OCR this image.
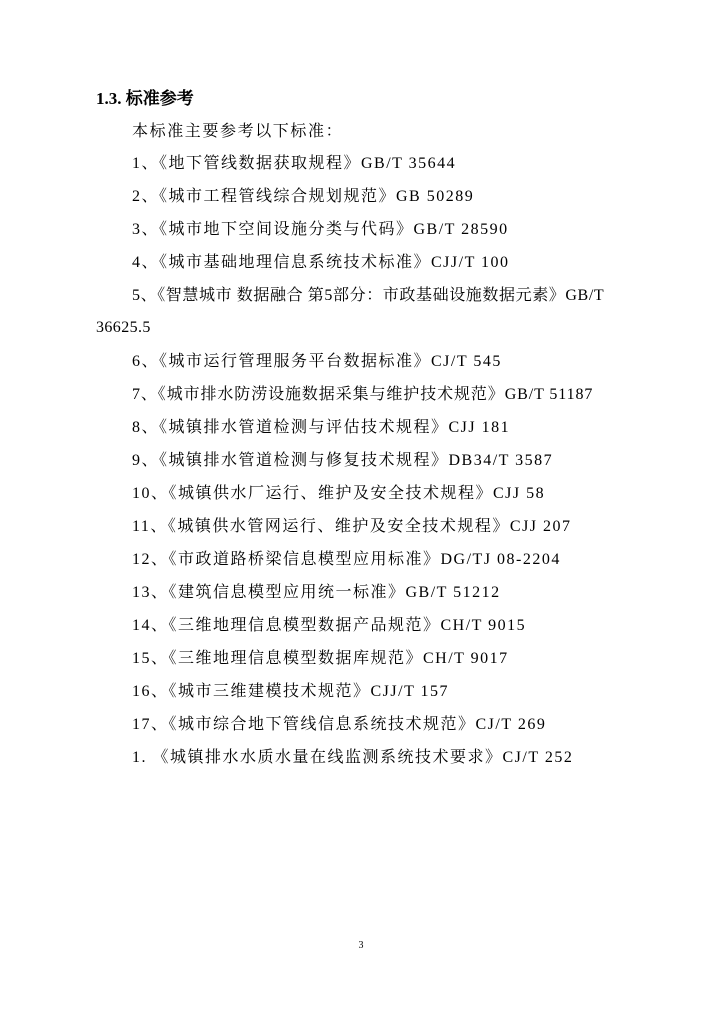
1.3. 标准参考
本标准主要参考以下标准：
1、《地下管线数据获取规程》GB/T 35644
2、《城市工程管线综合规划规范》GB 50289
3、《城市地下空间设施分类与代码》GB/T 28590
4、《城市基础地理信息系统技术标准》CJJ/T 100
5、《智慧城市 数据融合 第5部分：市政基础设施数据元素》GB/T
36625.5
6、《城市运行管理服务平台数据标准》CJ/T 545
7、《城市排水防涝设施数据采集与维护技术规范》GB/T 51187
8、《城镇排水管道检测与评估技术规程》CJJ 181
9、《城镇排水管道检测与修复技术规程》DB34/T 3587
10、《城镇供水厂运行、维护及安全技术规程》CJJ 58
11、《城镇供水管网运行、维护及安全技术规程》CJJ 207
12、《市政道路桥梁信息模型应用标准》DG/TJ 08-2204
13、《建筑信息模型应用统一标准》GB/T 51212
14、《三维地理信息模型数据产品规范》CH/T 9015
15、《三维地理信息模型数据库规范》CH/T 9017
16、《城市三维建模技术规范》CJJ/T 157
17、《城市综合地下管线信息系统技术规范》CJ/T 269
1. 《城镇排水水质水量在线监测系统技术要求》CJ/T 252
3
